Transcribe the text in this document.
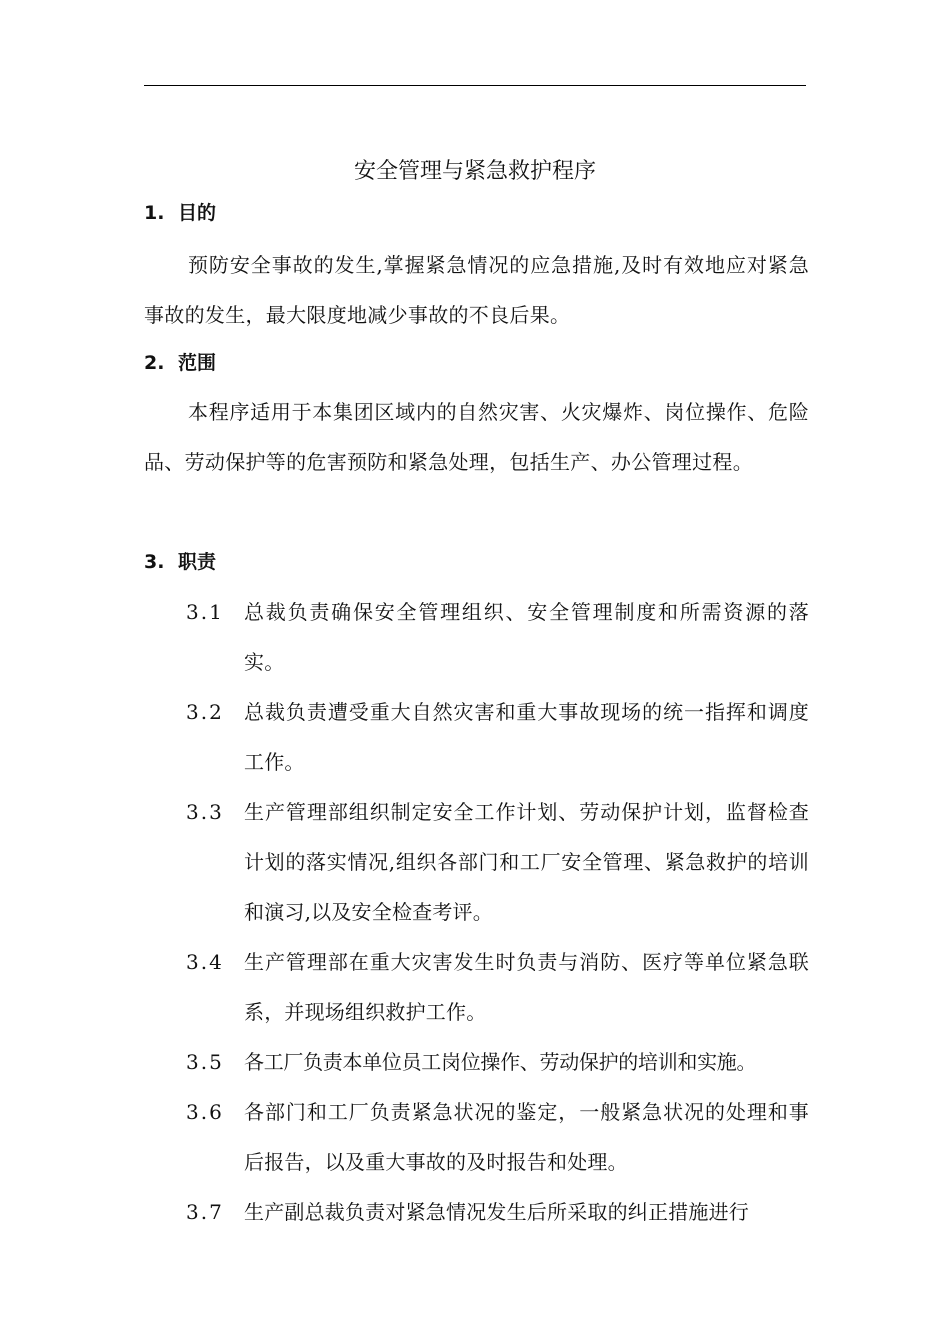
安全管理与紧急救护程序
1. 目的
预防安全事故的发生,掌握紧急情况的应急措施,及时有效地应对紧急事故的发生，最大限度地减少事故的不良后果。
2. 范围
本程序适用于本集团区域内的自然灾害、火灾爆炸、岗位操作、危险品、劳动保护等的危害预防和紧急处理，包括生产、办公管理过程。
3. 职责
3.1	总裁负责确保安全管理组织、安全管理制度和所需资源的落实。
3.2	总裁负责遭受重大自然灾害和重大事故现场的统一指挥和调度工作。
3.3	生产管理部组织制定安全工作计划、劳动保护计划，监督检查计划的落实情况,组织各部门和工厂安全管理、紧急救护的培训和演习,以及安全检查考评。
3.4	生产管理部在重大灾害发生时负责与消防、医疗等单位紧急联系，并现场组织救护工作。
3.5	各工厂负责本单位员工岗位操作、劳动保护的培训和实施。
3.6	各部门和工厂负责紧急状况的鉴定，一般紧急状况的处理和事后报告，以及重大事故的及时报告和处理。
3.7	生产副总裁负责对紧急情况发生后所采取的纠正措施进行
